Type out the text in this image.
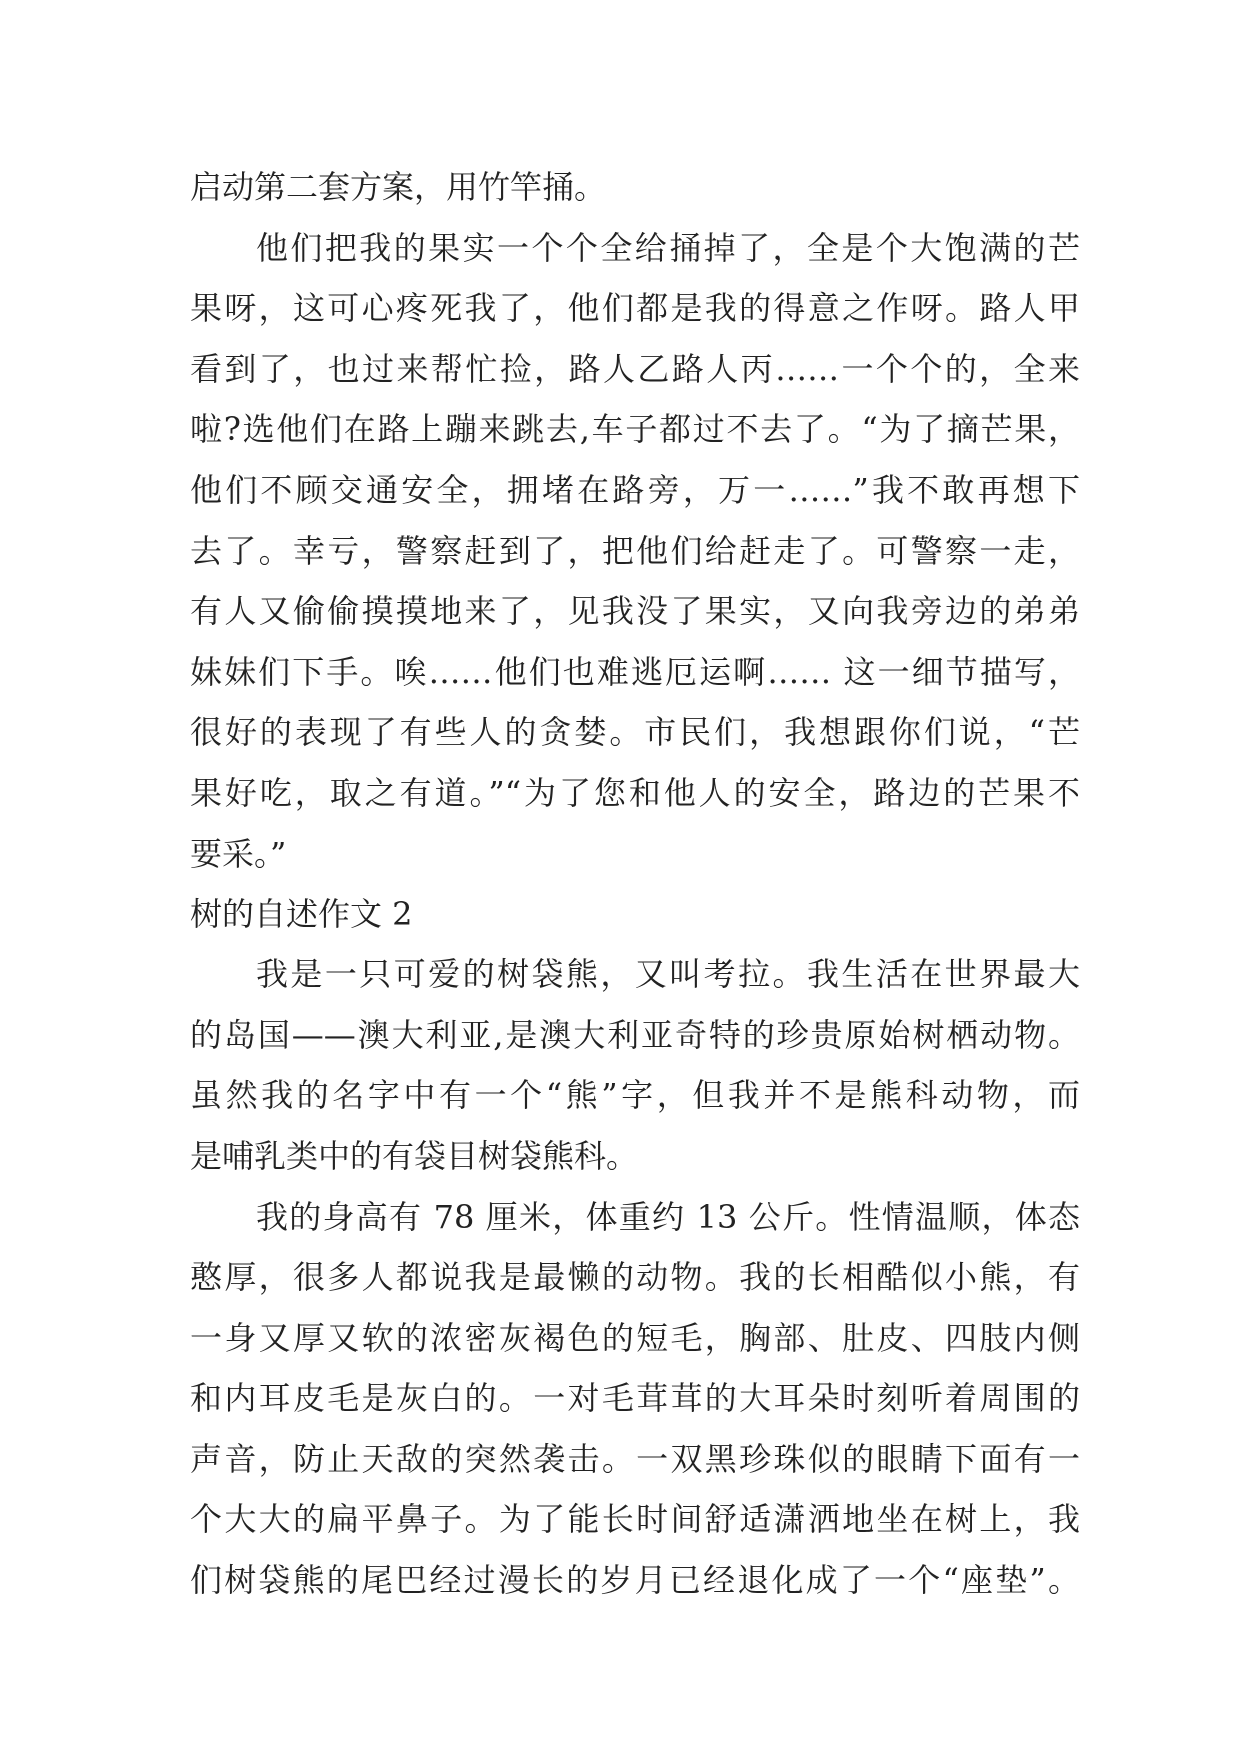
启动第二套方案，用竹竿捅。
他们把我的果实一个个全给捅掉了，全是个大饱满的芒
果呀，这可心疼死我了，他们都是我的得意之作呀。路人甲
看到了，也过来帮忙捡，路人乙路人丙……一个个的，全来
啦?选他们在路上蹦来跳去,车子都过不去了。“为了摘芒果，
他们不顾交通安全，拥堵在路旁，万一……”我不敢再想下
去了。幸亏，警察赶到了，把他们给赶走了。可警察一走，
有人又偷偷摸摸地来了，见我没了果实，又向我旁边的弟弟
妹妹们下手。唉……他们也难逃厄运啊…… 这一细节描写，
很好的表现了有些人的贪婪。市民们，我想跟你们说，“芒
果好吃，取之有道。”“为了您和他人的安全，路边的芒果不
要采。”
树的自述作文 2
我是一只可爱的树袋熊，又叫考拉。我生活在世界最大
的岛国——澳大利亚,是澳大利亚奇特的珍贵原始树栖动物。
虽然我的名字中有一个“熊”字，但我并不是熊科动物，而
是哺乳类中的有袋目树袋熊科。
我的身高有 78 厘米，体重约 13 公斤。性情温顺，体态
憨厚，很多人都说我是最懒的动物。我的长相酷似小熊，有
一身又厚又软的浓密灰褐色的短毛，胸部、肚皮、四肢内侧
和内耳皮毛是灰白的。一对毛茸茸的大耳朵时刻听着周围的
声音，防止天敌的突然袭击。一双黑珍珠似的眼睛下面有一
个大大的扁平鼻子。为了能长时间舒适潇洒地坐在树上，我
们树袋熊的尾巴经过漫长的岁月已经退化成了一个“座垫”。
